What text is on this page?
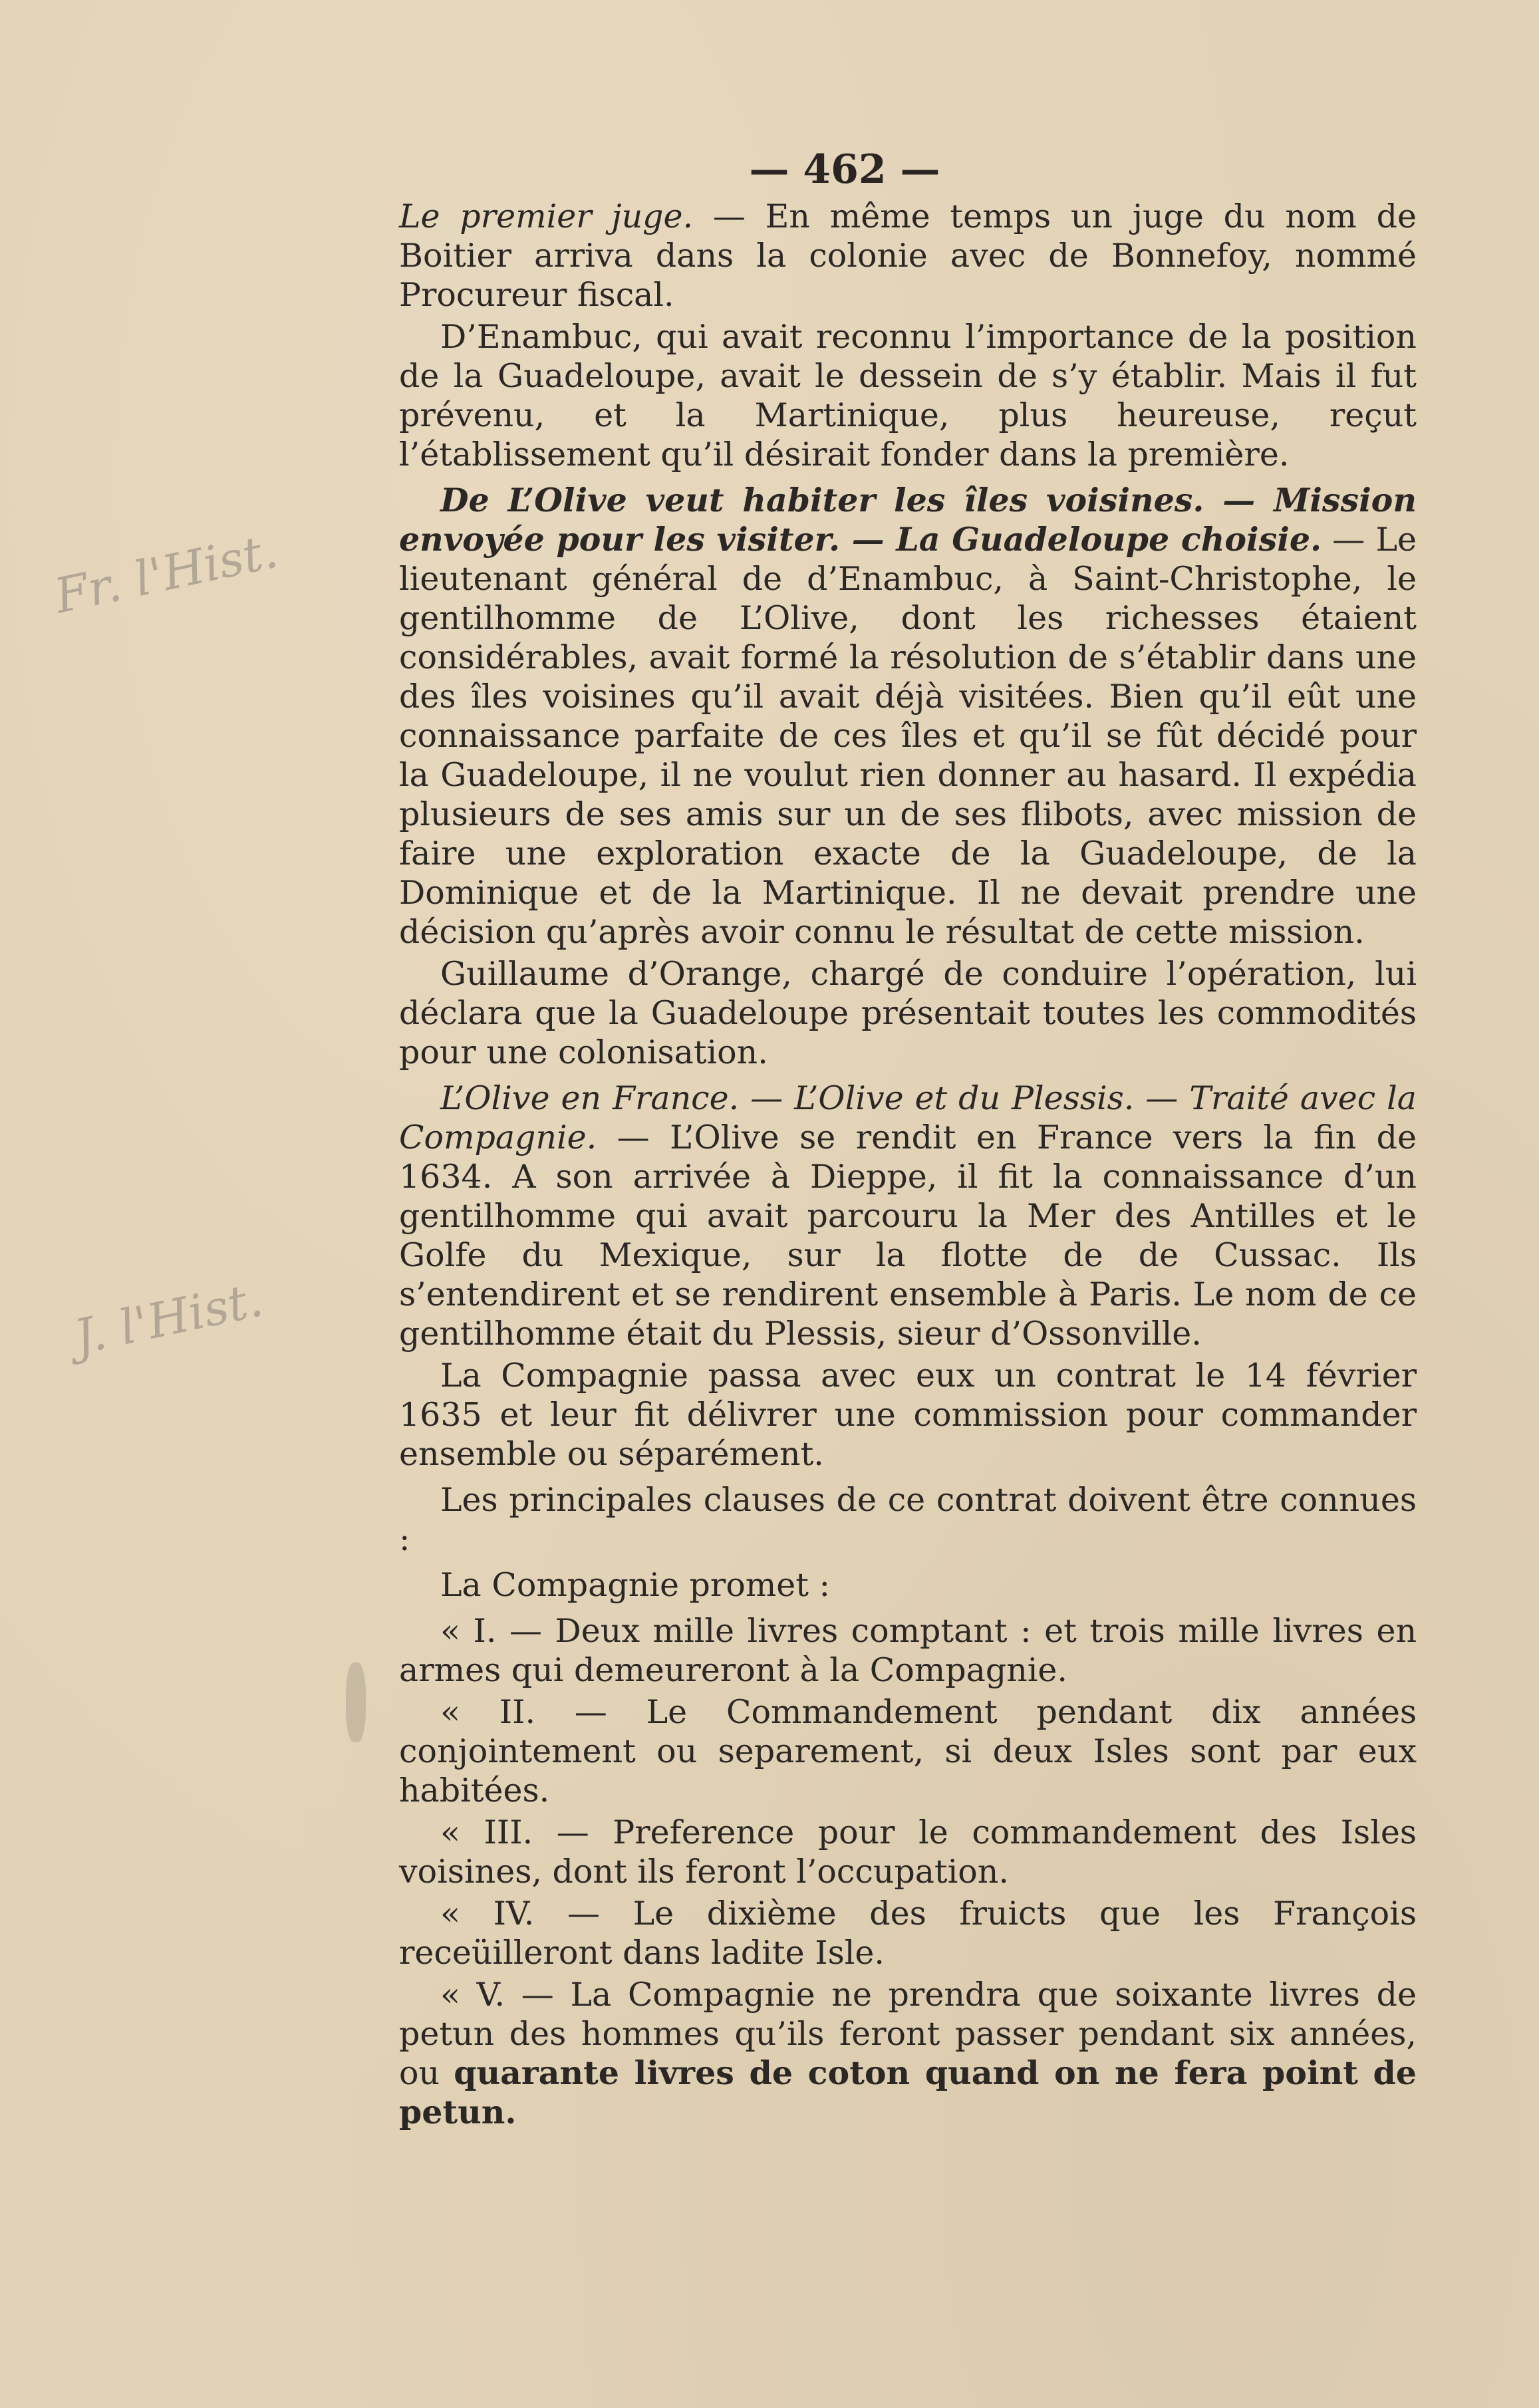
Fr. l'Hist.
J. l'Hist.
— 462 —

Le premier juge. — En même temps un juge du nom de Boitier arriva dans la colonie avec de Bonnefoy, nommé Procureur fiscal.

D’Enambuc, qui avait reconnu l’importance de la position de la Guadeloupe, avait le dessein de s’y établir. Mais il fut prévenu, et la Martinique, plus heureuse, reçut l’établissement qu’il désirait fonder dans la première.

De L’Olive veut habiter les îles voisines. — Mission envoyée pour les visiter. — La Guadeloupe choisie. — Le lieutenant général de d’Enambuc, à Saint-Christophe, le gentilhomme de L’Olive, dont les richesses étaient considérables, avait formé la résolution de s’établir dans une des îles voisines qu’il avait déjà visitées. Bien qu’il eût une connaissance parfaite de ces îles et qu’il se fût décidé pour la Guadeloupe, il ne voulut rien donner au hasard. Il expédia plusieurs de ses amis sur un de ses flibots, avec mission de faire une exploration exacte de la Guadeloupe, de la Dominique et de la Martinique. Il ne devait prendre une décision qu’après avoir connu le résultat de cette mission.

Guillaume d’Orange, chargé de conduire l’opération, lui déclara que la Guadeloupe présentait toutes les commodités pour une colonisation.

L’Olive en France. — L’Olive et du Plessis. — Traité avec la Compagnie. — L’Olive se rendit en France vers la fin de 1634. A son arrivée à Dieppe, il fit la connaissance d’un gentilhomme qui avait parcouru la Mer des Antilles et le Golfe du Mexique, sur la flotte de de Cussac. Ils s’entendirent et se rendirent ensemble à Paris. Le nom de ce gentilhomme était du Plessis, sieur d’Ossonville.

La Compagnie passa avec eux un contrat le 14 février 1635 et leur fit délivrer une commission pour commander ensemble ou séparément.

Les principales clauses de ce contrat doivent être connues :

La Compagnie promet :

« I. — Deux mille livres comptant : et trois mille livres en armes qui demeureront à la Compagnie.

« II. — Le Commandement pendant dix années conjointement ou separement, si deux Isles sont par eux habitées.

« III. — Preference pour le commandement des Isles voisines, dont ils feront l’occupation.

« IV. — Le dixième des fruicts que les François receüilleront dans ladite Isle.

« V. — La Compagnie ne prendra que soixante livres de petun des hommes qu’ils feront passer pendant six années, ou quarante livres de coton quand on ne fera point de petun.
